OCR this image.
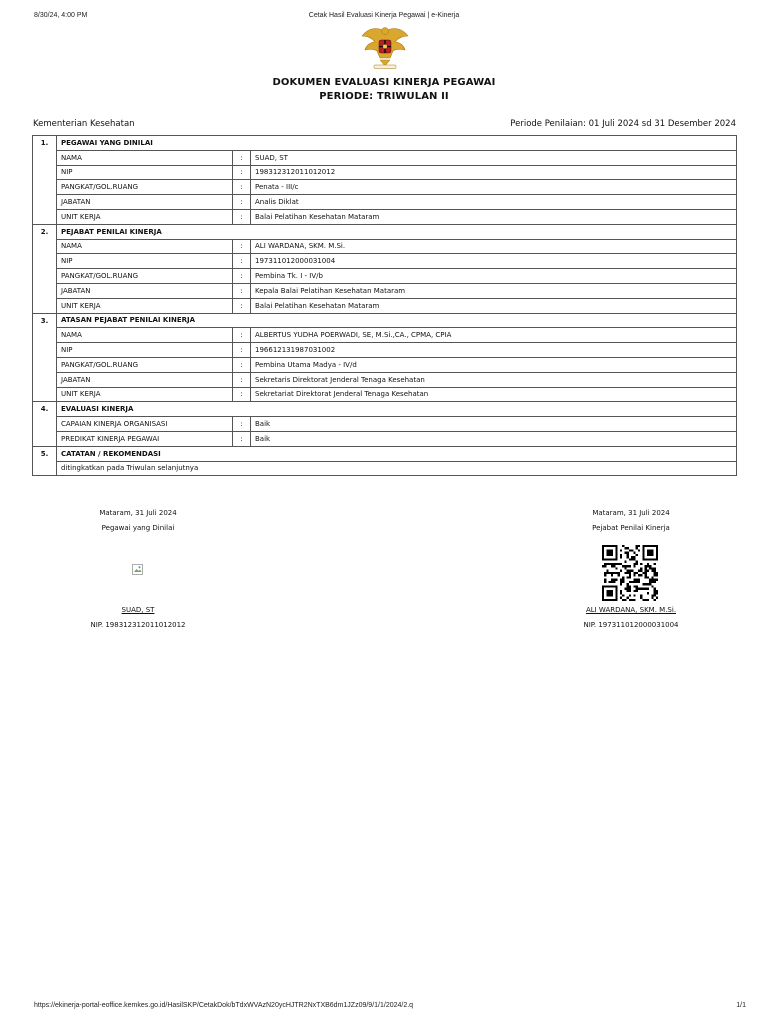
8/30/24, 4:00 PM	Cetak Hasil Evaluasi Kinerja Pegawai | e-Kinerja
DOKUMEN EVALUASI KINERJA PEGAWAI
PERIODE: TRIWULAN II
Kementerian Kesehatan	Periode Penilaian: 01 Juli 2024 sd 31 Desember 2024
1.	PEGAWAI YANG DINILAI		
	NAMA	:	SUAD, ST
	NIP	:	198312312011012012
	PANGKAT/GOL.RUANG	:	Penata - III/c
	JABATAN	:	Analis Diklat
	UNIT KERJA	:	Balai Pelatihan Kesehatan Mataram
2.	PEJABAT PENILAI KINERJA		
	NAMA	:	ALI WARDANA, SKM. M.Si.
	NIP	:	197311012000031004
	PANGKAT/GOL.RUANG	:	Pembina Tk. I - IV/b
	JABATAN	:	Kepala Balai Pelatihan Kesehatan Mataram
	UNIT KERJA	:	Balai Pelatihan Kesehatan Mataram
3.	ATASAN PEJABAT PENILAI KINERJA		
	NAMA	:	ALBERTUS YUDHA POERWADI, SE, M.Si.,CA., CPMA, CPIA
	NIP	:	196612131987031002
	PANGKAT/GOL.RUANG	:	Pembina Utama Madya - IV/d
	JABATAN	:	Sekretaris Direktorat Jenderal Tenaga Kesehatan
	UNIT KERJA	:	Sekretariat Direktorat Jenderal Tenaga Kesehatan
4.	EVALUASI KINERJA		
	CAPAIAN KINERJA ORGANISASI	:	Baik
	PREDIKAT KINERJA PEGAWAI	:	Baik
5.	CATATAN / REKOMENDASI		
	ditingkatkan pada Triwulan selanjutnya		
Mataram, 31 Juli 2024
Pegawai yang Dinilai
SUAD, ST
NIP. 198312312011012012
Mataram, 31 Juli 2024
Pejabat Penilai Kinerja
ALI WARDANA, SKM. M.Si.
NIP. 197311012000031004
https://ekinerja-portal-eoffice.kemkes.go.id/HasilSKP/CetakDok/bTdxWVAzN20ycHJTR2NxTXB6dm1JZz09/9/1/1/2024/2.q	1/1
